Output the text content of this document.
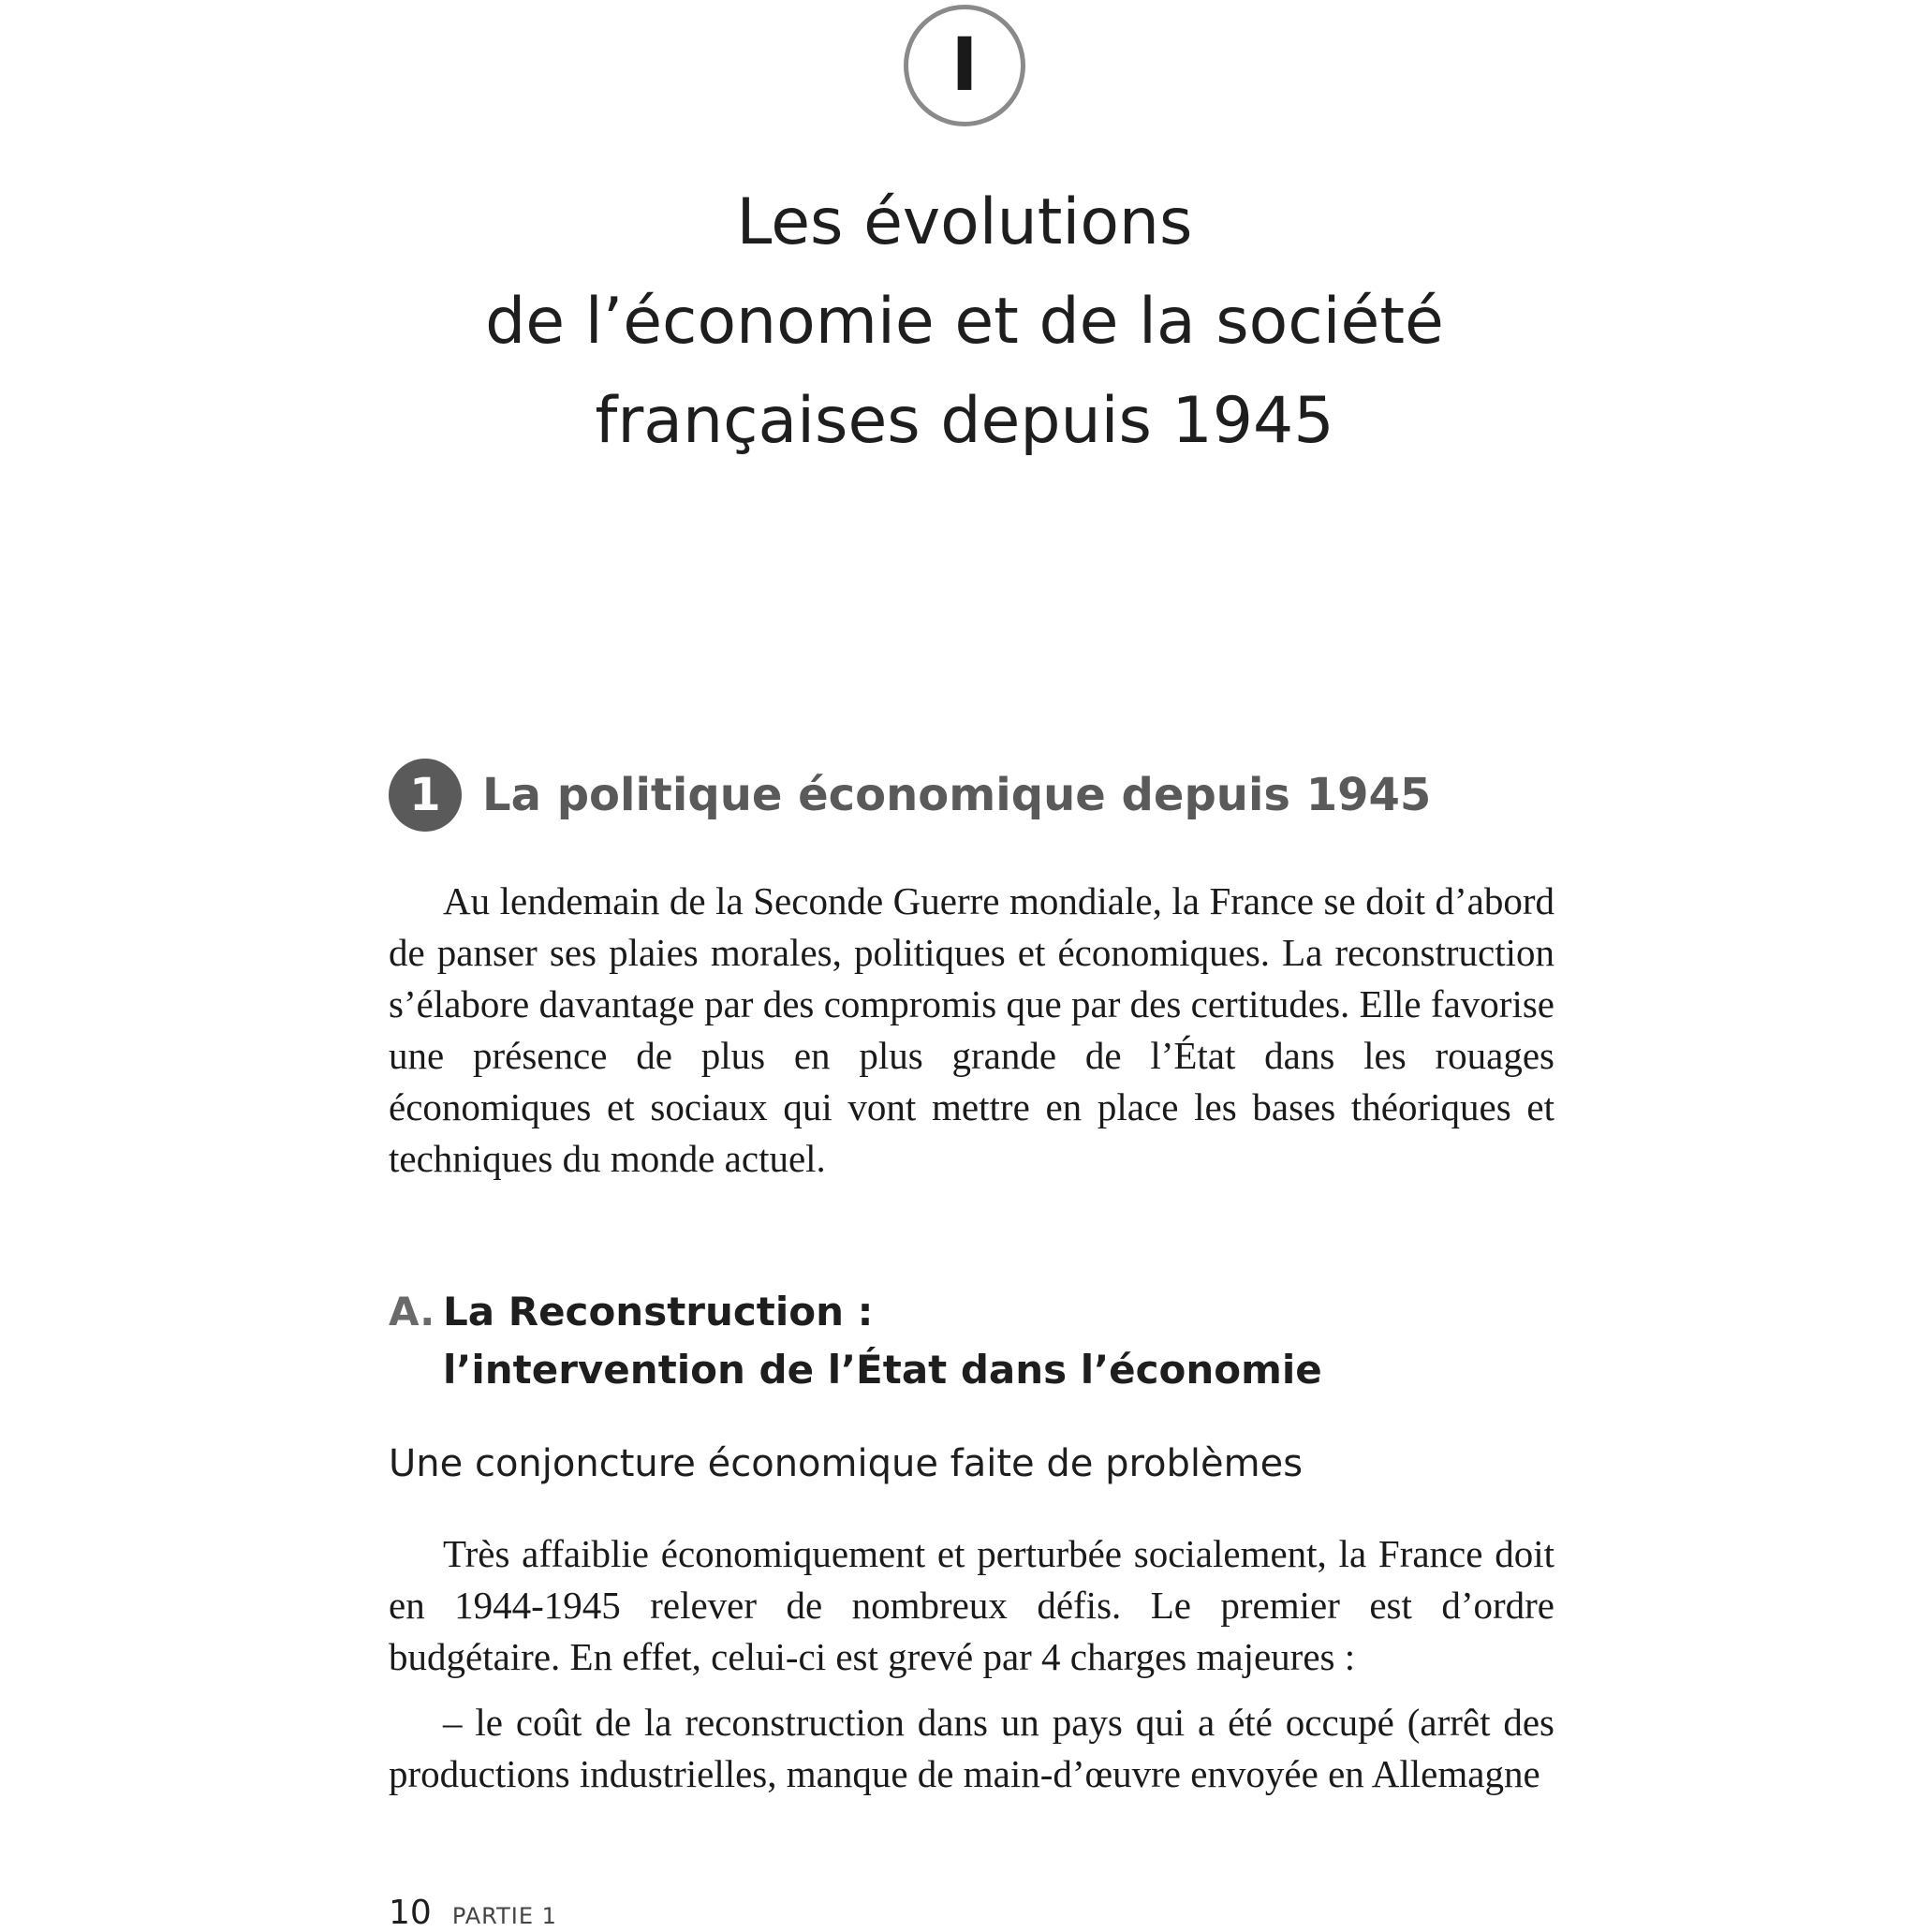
I
Les évolutions
de l’économie et de la société
françaises depuis 1945
1 La politique économique depuis 1945

Au lendemain de la Seconde Guerre mondiale, la France se doit d’abord de panser ses plaies morales, politiques et économiques. La reconstruction s’élabore davantage par des compromis que par des certitudes. Elle favorise une présence de plus en plus grande de l’État dans les rouages économiques et sociaux qui vont mettre en place les bases théoriques et techniques du monde actuel.

A. La Reconstruction :
l’intervention de l’État dans l’économie
Une conjoncture économique faite de problèmes

Très affaiblie économiquement et perturbée socialement, la France doit en 1944-1945 relever de nombreux défis. Le premier est d’ordre budgétaire. En effet, celui-ci est grevé par 4 charges majeures :

– le coût de la reconstruction dans un pays qui a été occupé (arrêt des productions industrielles, manque de main-d’œuvre envoyée en Allemagne

10 PARTIE 1
